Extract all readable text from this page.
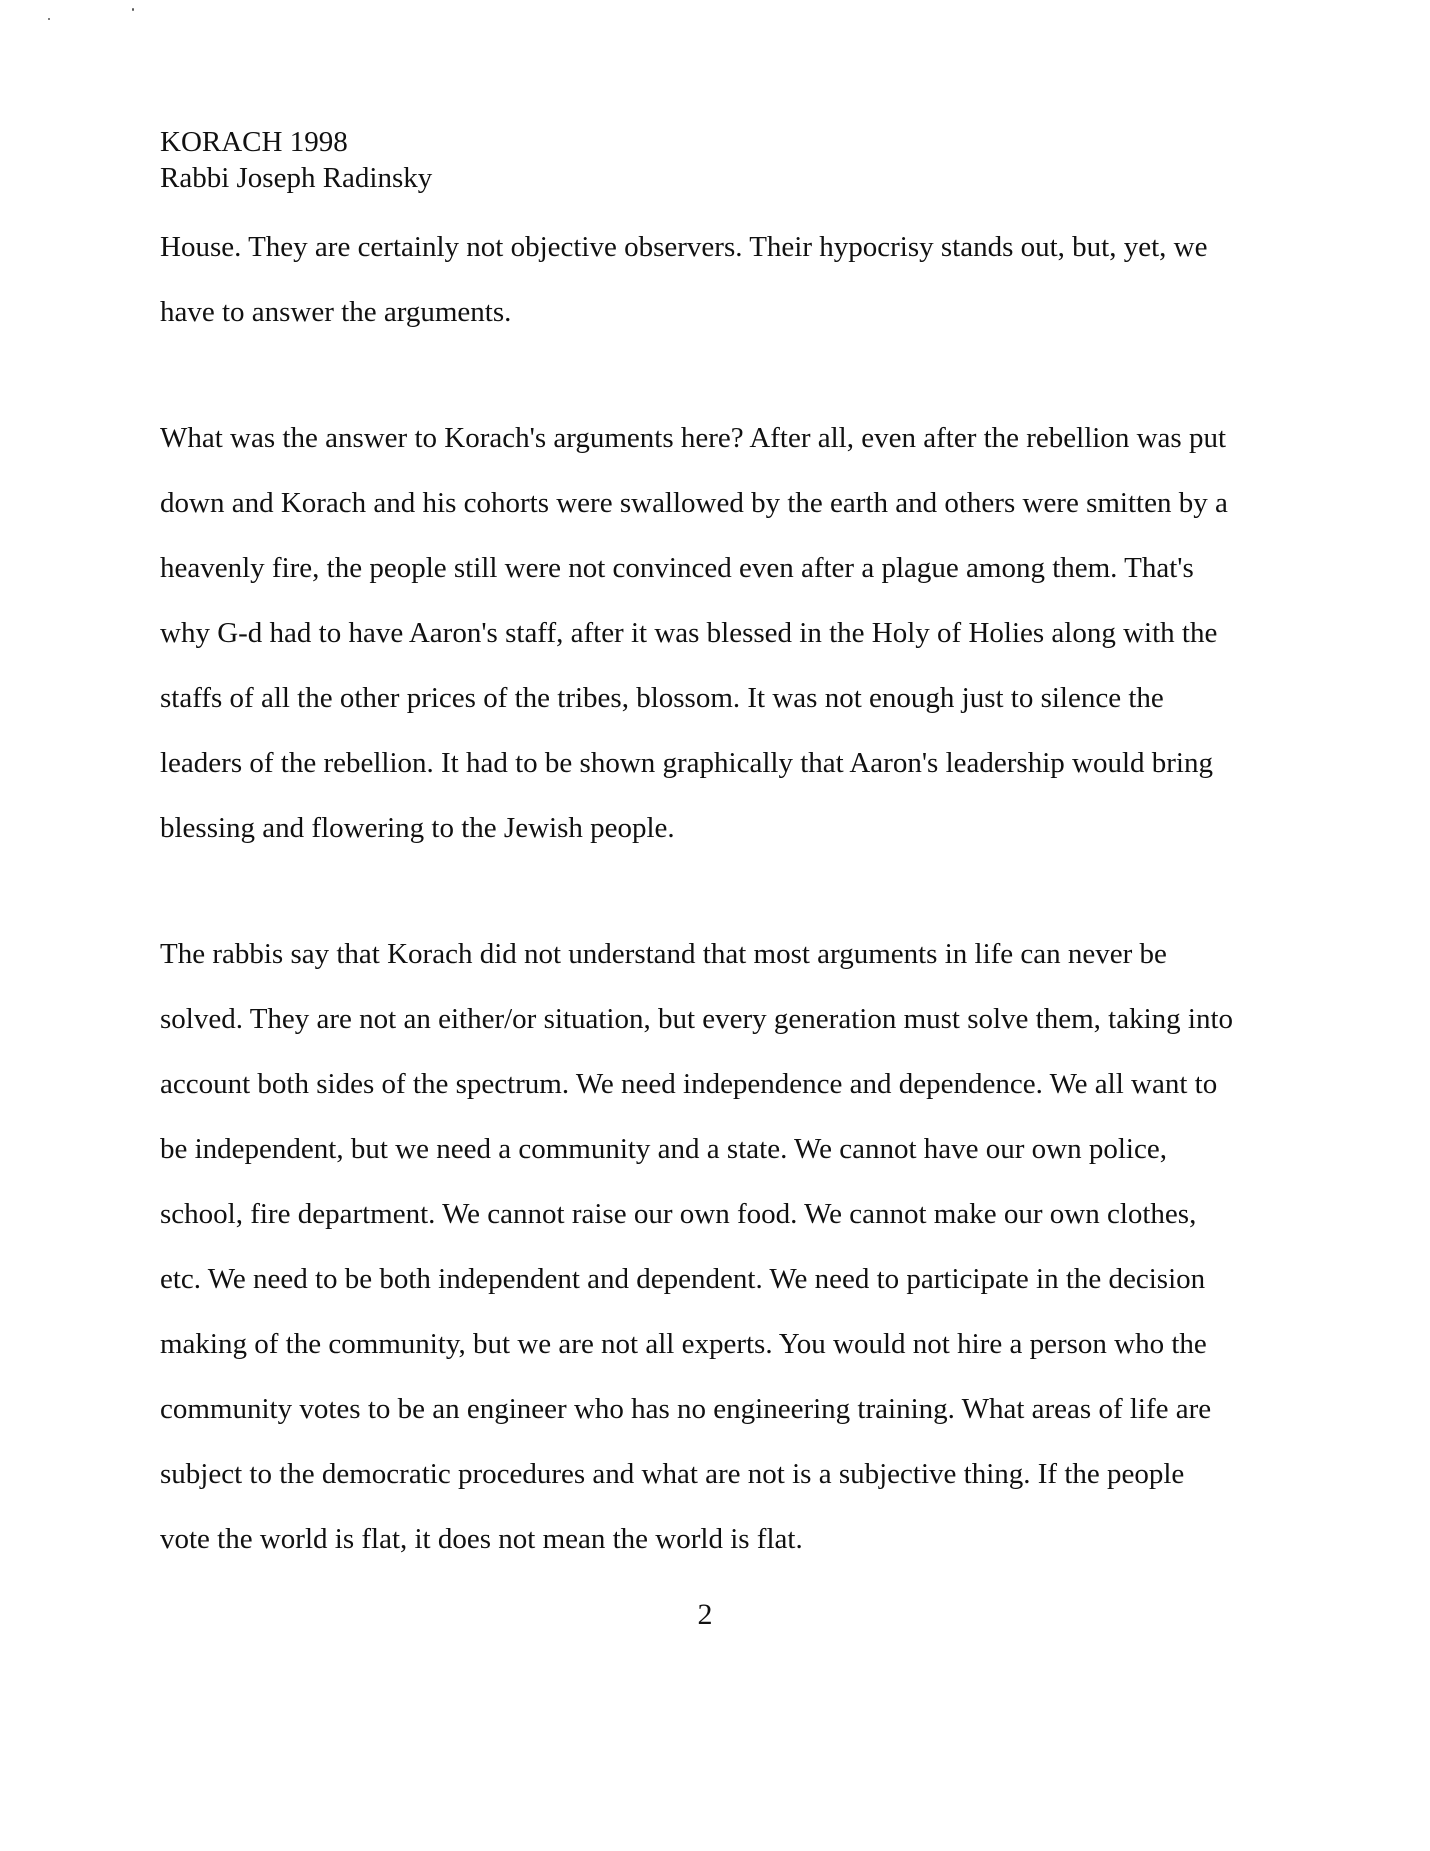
KORACH 1998
Rabbi Joseph Radinsky

House. They are certainly not objective observers. Their hypocrisy stands out, but, yet, we
have to answer the arguments.

What was the answer to Korach's arguments here? After all, even after the rebellion was put
down and Korach and his cohorts were swallowed by the earth and others were smitten by a
heavenly fire, the people still were not convinced even after a plague among them. That's
why G-d had to have Aaron's staff, after it was blessed in the Holy of Holies along with the
staffs of all the other prices of the tribes, blossom. It was not enough just to silence the
leaders of the rebellion. It had to be shown graphically that Aaron's leadership would bring
blessing and flowering to the Jewish people.

The rabbis say that Korach did not understand that most arguments in life can never be
solved. They are not an either/or situation, but every generation must solve them, taking into
account both sides of the spectrum. We need independence and dependence. We all want to
be independent, but we need a community and a state. We cannot have our own police,
school, fire department. We cannot raise our own food. We cannot make our own clothes,
etc. We need to be both independent and dependent. We need to participate in the decision
making of the community, but we are not all experts. You would not hire a person who the
community votes to be an engineer who has no engineering training. What areas of life are
subject to the democratic procedures and what are not is a subjective thing. If the people
vote the world is flat, it does not mean the world is flat.

2
